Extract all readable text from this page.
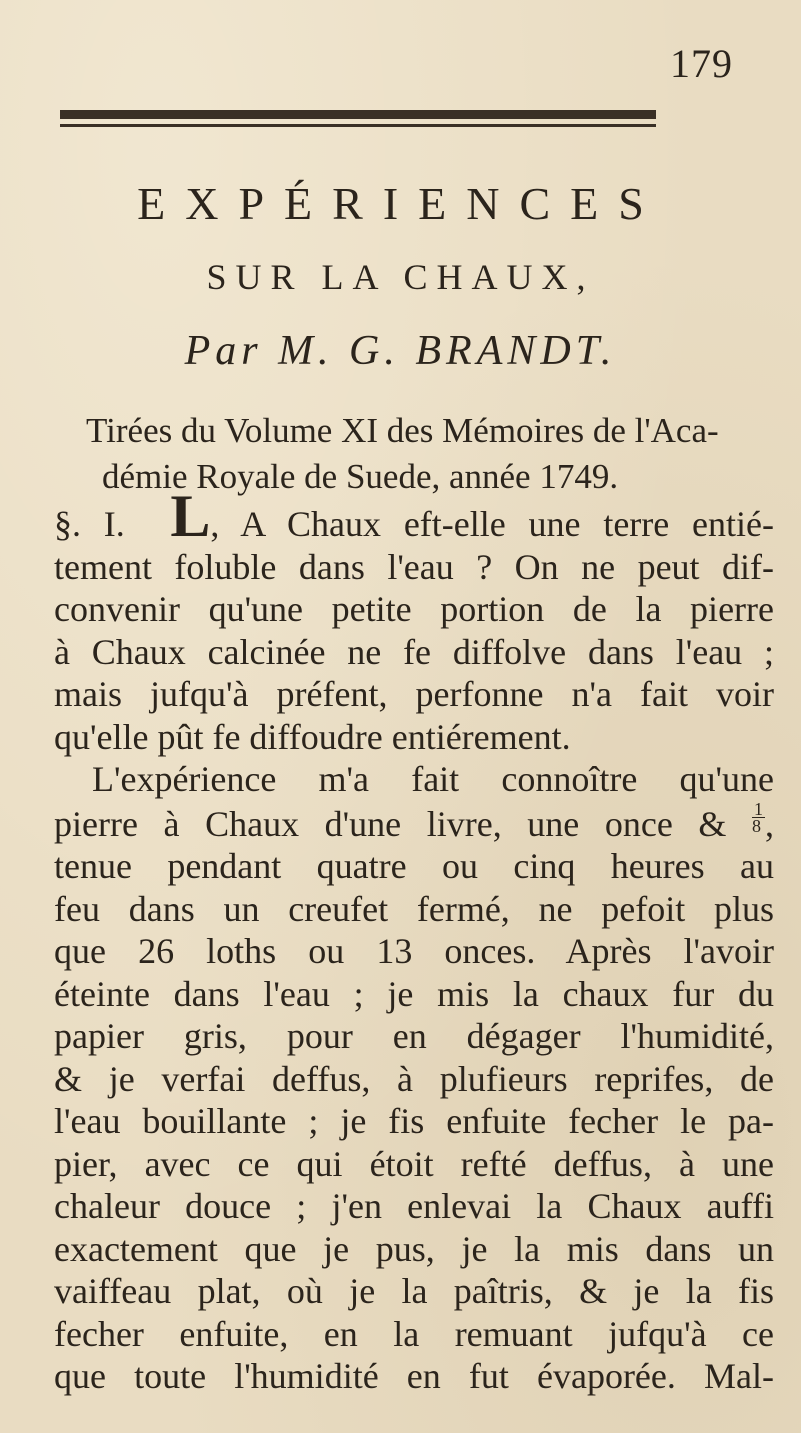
179
EXPÉRIENCES
SUR LA CHAUX,
Par M. G. BRANDT.
Tirées du Volume XI des Mémoires de l'Aca-
démie Royale de Suede, année 1749.
§. I. L, A Chaux eft-elle une terre entié-
tement foluble dans l'eau ? On ne peut dif-
convenir qu'une petite portion de la pierre
à Chaux calcinée ne fe diffolve dans l'eau ;
mais jufqu'à préfent, perfonne n'a fait voir
qu'elle pût fe diffoudre entiérement.
L'expérience m'a fait connoître qu'une
pierre à Chaux d'une livre, une once & $\frac{1}{8}$ ,
tenue pendant quatre ou cinq heures au
feu dans un creufet fermé, ne pefoit plus
que 26 loths ou 13 onces. Après l'avoir
éteinte dans l'eau ; je mis la chaux fur du
papier gris, pour en dégager l'humidité,
& je verfai deffus, à plufieurs reprifes, de
l'eau bouillante ; je fis enfuite fecher le pa-
pier, avec ce qui étoit refté deffus, à une
chaleur douce ; j'en enlevai la Chaux auffi
exactement que je pus, je la mis dans un
vaiffeau plat, où je la paîtris, & je la fis
fecher enfuite, en la remuant jufqu'à ce
que toute l'humidité en fut évaporée. Mal-
